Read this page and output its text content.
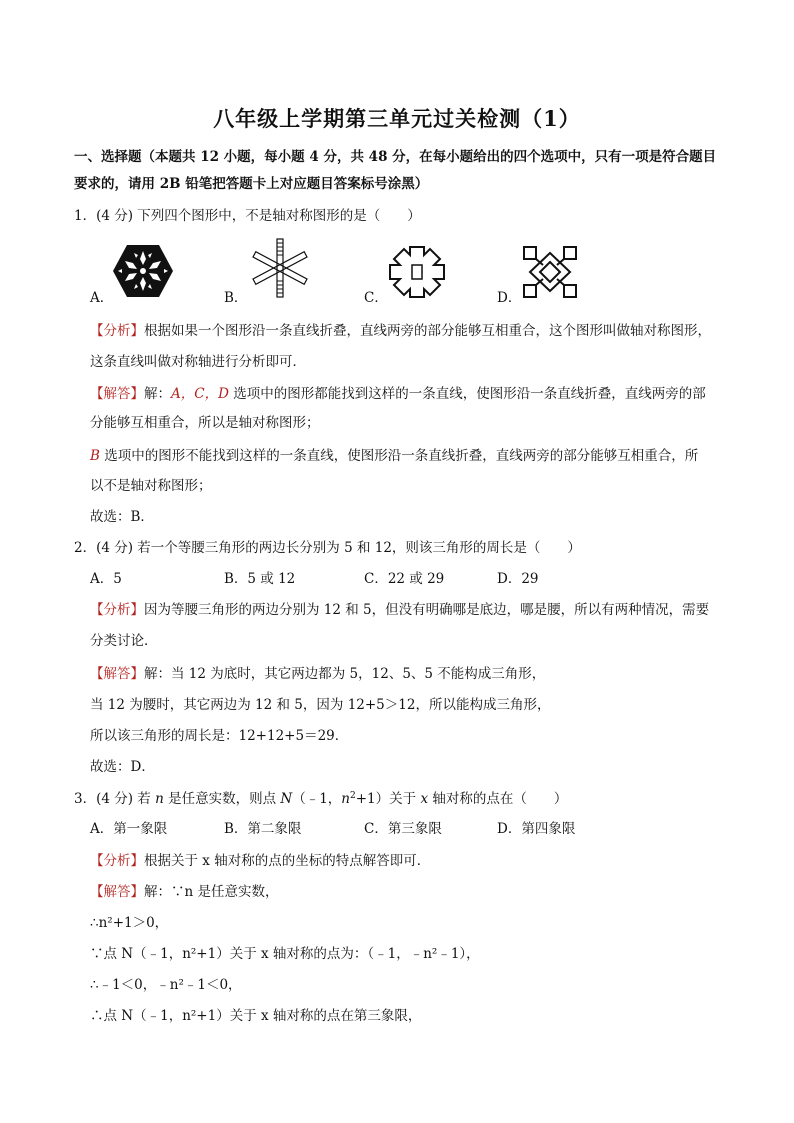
八年级上学期第三单元过关检测（1）
一、选择题（本题共 12 小题，每小题 4 分，共 48 分，在每小题给出的四个选项中，只有一项是符合题目
要求的，请用 2B 铅笔把答题卡上对应题目答案标号涂黑）
1．(4 分) 下列四个图形中，不是轴对称图形的是（　　）
A．	B．	C．	D．
【分析】根据如果一个图形沿一条直线折叠，直线两旁的部分能够互相重合，这个图形叫做轴对称图形，
这条直线叫做对称轴进行分析即可．
【解答】解：A，C，D 选项中的图形都能找到这样的一条直线，使图形沿一条直线折叠，直线两旁的部
分能够互相重合，所以是轴对称图形；
B 选项中的图形不能找到这样的一条直线，使图形沿一条直线折叠，直线两旁的部分能够互相重合，所
以不是轴对称图形；
故选：B．
2．(4 分) 若一个等腰三角形的两边长分别为 5 和 12，则该三角形的周长是（　　）
A．5	B．5 或 12	C．22 或 29	D．29
【分析】因为等腰三角形的两边分别为 12 和 5，但没有明确哪是底边，哪是腰，所以有两种情况，需要
分类讨论．
【解答】解：当 12 为底时，其它两边都为 5，12、5、5 不能构成三角形，
当 12 为腰时，其它两边为 12 和 5，因为 12+5＞12，所以能构成三角形，
所以该三角形的周长是：12+12+5＝29．
故选：D．
3．(4 分) 若 n 是任意实数，则点 N（﹣1，$n^2+1$）关于 x 轴对称的点在（　　）
A．第一象限	B．第二象限	C．第三象限	D．第四象限
【分析】根据关于 x 轴对称的点的坐标的特点解答即可．
【解答】解：∵n 是任意实数，
∴n²+1＞0，
∵点 N（﹣1，n²+1）关于 x 轴对称的点为：（﹣1，﹣n²﹣1），
∴﹣1＜0，﹣n²﹣1＜0，
∴点 N（﹣1，n²+1）关于 x 轴对称的点在第三象限，
